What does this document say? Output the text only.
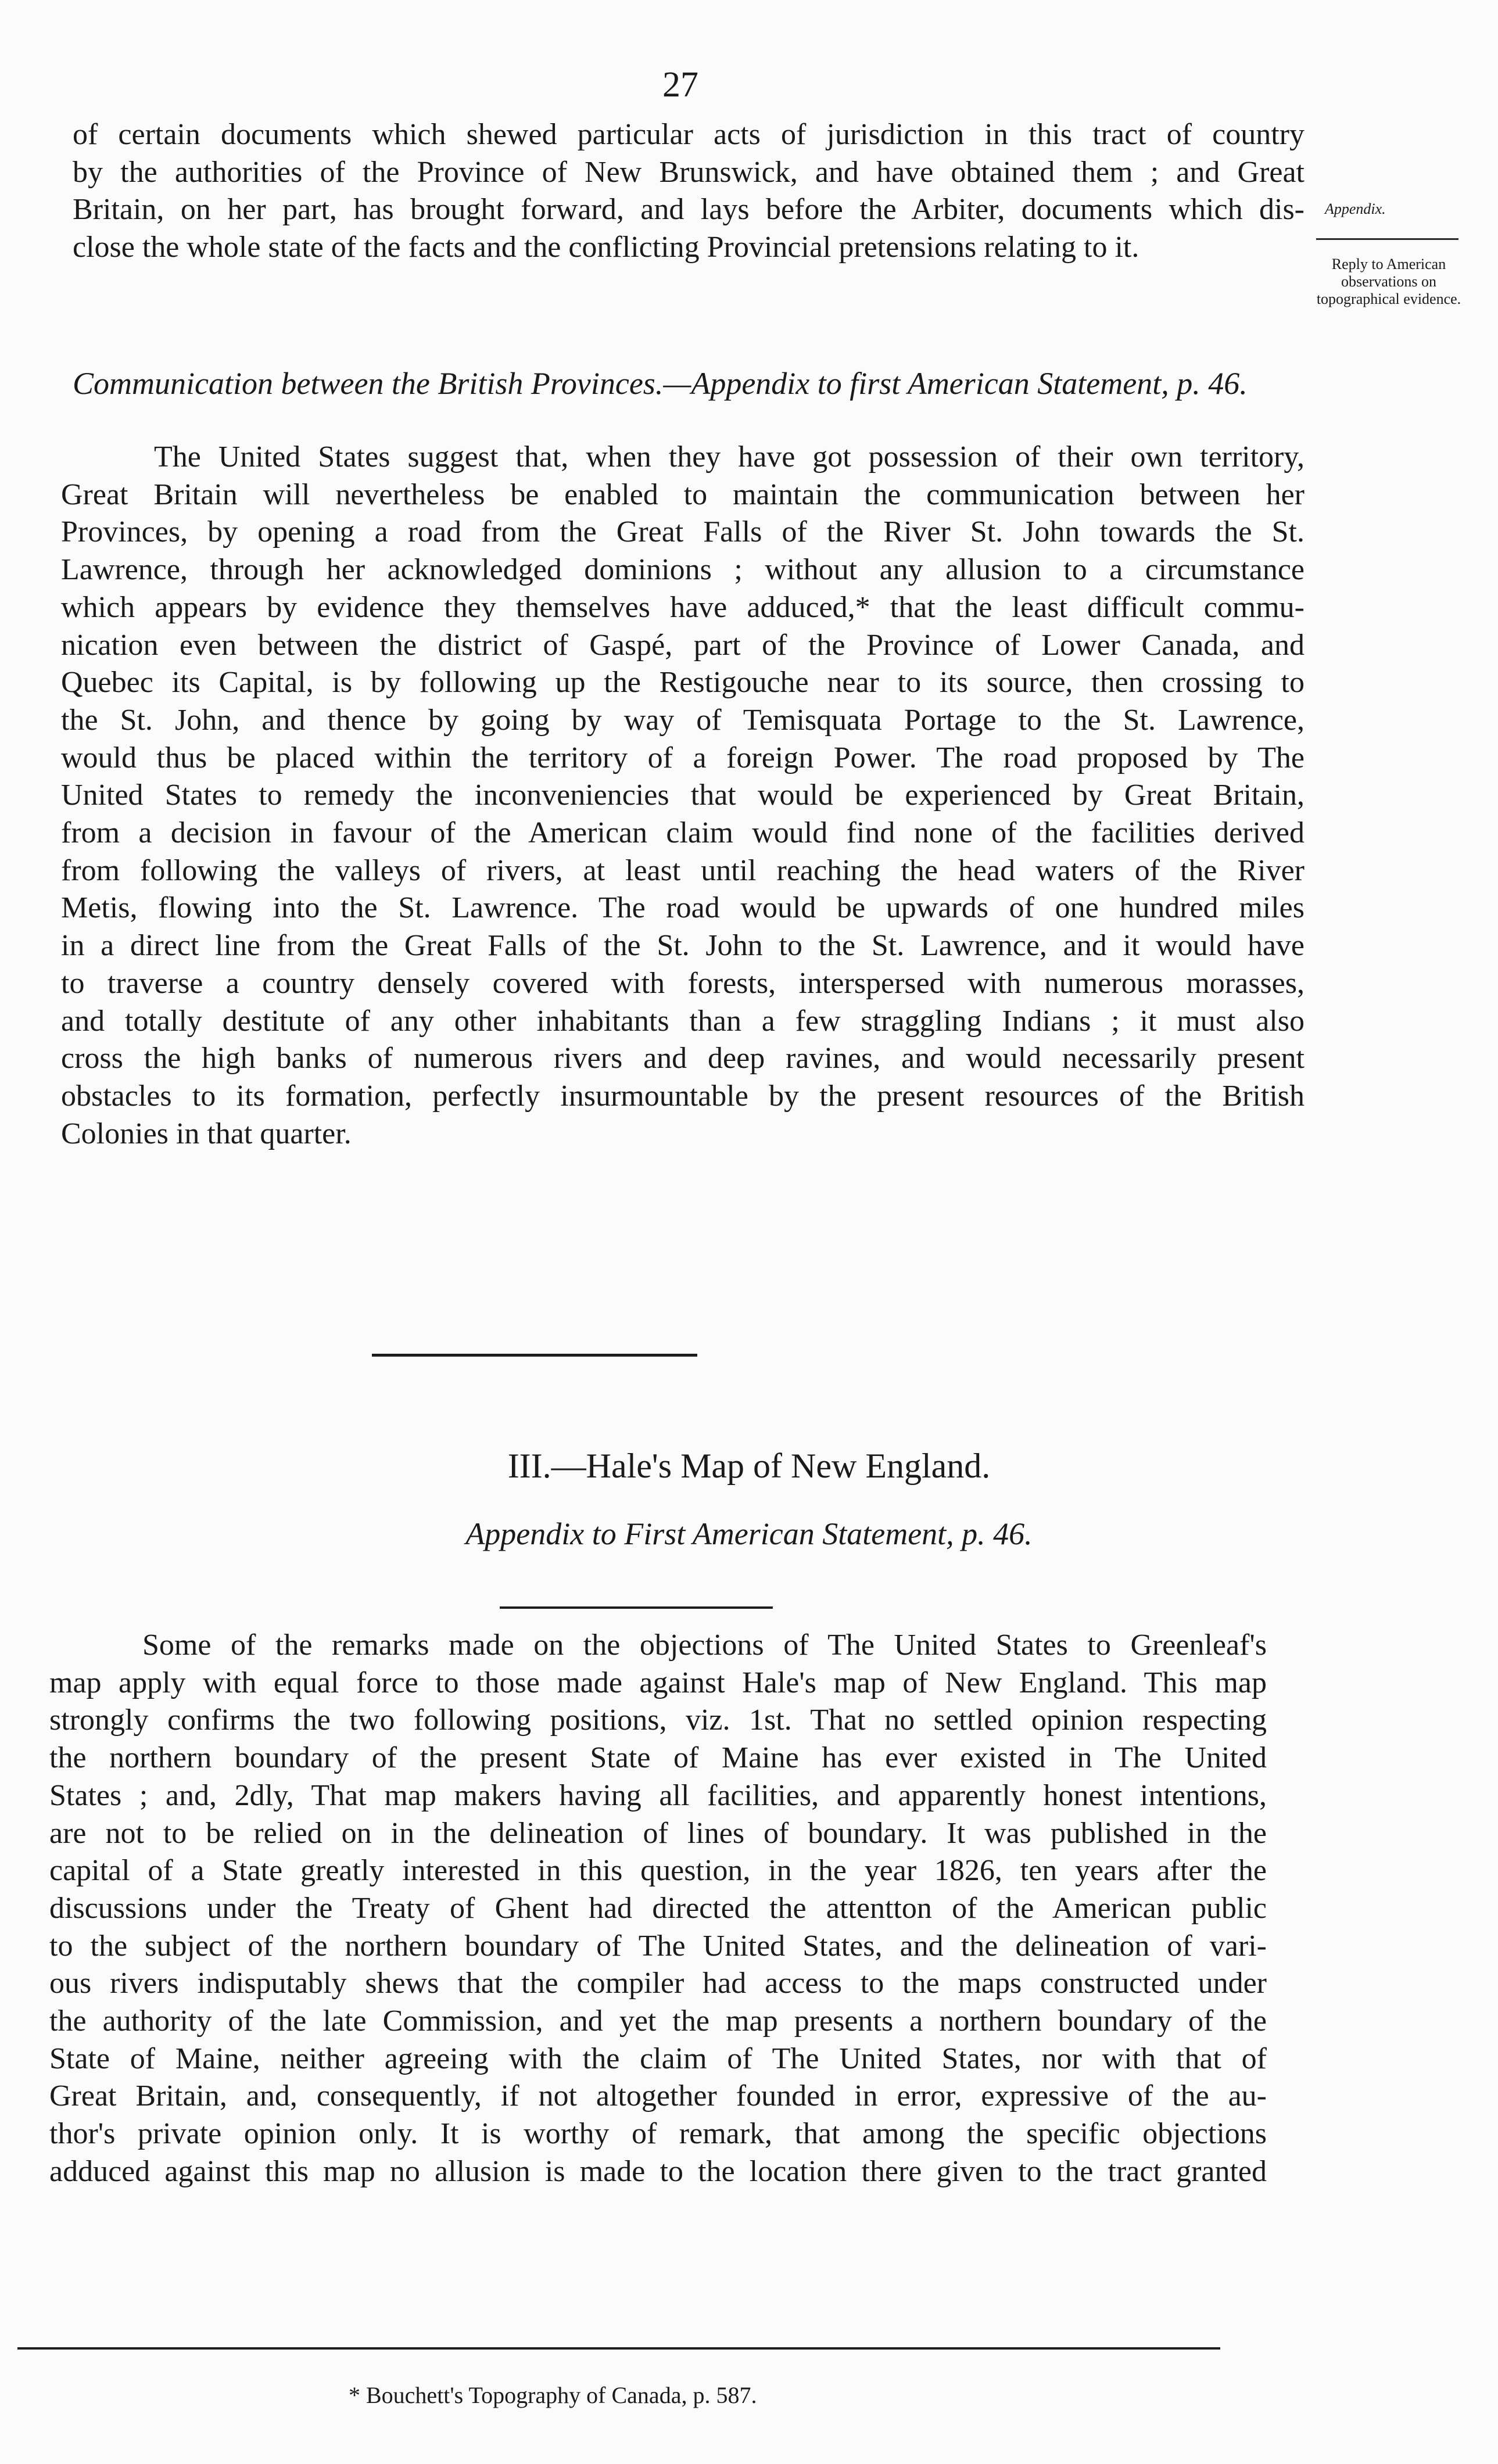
27

of certain documents which shewed particular acts of jurisdiction in this tract of country

by the authorities of the Province of New Brunswick, and have obtained them ; and Great

Britain, on her part, has brought forward, and lays before the Arbiter, documents which dis-

close the whole state of the facts and the conflicting Provincial pretensions relating to it.

Appendix.
Reply to American observations on topographical evidence.
Communication between the British Provinces.—Appendix to first American Statement, p. 46.

The United States suggest that, when they have got possession of their own territory,

Great Britain will nevertheless be enabled to maintain the communication between her

Provinces, by opening a road from the Great Falls of the River St. John towards the St.

Lawrence, through her acknowledged dominions ; without any allusion to a circumstance

which appears by evidence they themselves have adduced,* that the least difficult commu-

nication even between the district of Gaspé, part of the Province of Lower Canada, and

Quebec its Capital, is by following up the Restigouche near to its source, then crossing to

the St. John, and thence by going by way of Temisquata Portage to the St. Lawrence,

would thus be placed within the territory of a foreign Power. The road proposed by The

United States to remedy the inconveniencies that would be experienced by Great Britain,

from a decision in favour of the American claim would find none of the facilities derived

from following the valleys of rivers, at least until reaching the head waters of the River

Metis, flowing into the St. Lawrence. The road would be upwards of one hundred miles

in a direct line from the Great Falls of the St. John to the St. Lawrence, and it would have

to traverse a country densely covered with forests, interspersed with numerous morasses,

and totally destitute of any other inhabitants than a few straggling Indians ; it must also

cross the high banks of numerous rivers and deep ravines, and would necessarily present

obstacles to its formation, perfectly insurmountable by the present resources of the British

Colonies in that quarter.

III.—Hale's Map of New England.
Appendix to First American Statement, p. 46.

Some of the remarks made on the objections of The United States to Greenleaf's

map apply with equal force to those made against Hale's map of New England. This map

strongly confirms the two following positions, viz. 1st. That no settled opinion respecting

the northern boundary of the present State of Maine has ever existed in The United

States ; and, 2dly, That map makers having all facilities, and apparently honest intentions,

are not to be relied on in the delineation of lines of boundary. It was published in the

capital of a State greatly interested in this question, in the year 1826, ten years after the

discussions under the Treaty of Ghent had directed the attentton of the American public

to the subject of the northern boundary of The United States, and the delineation of vari-

ous rivers indisputably shews that the compiler had access to the maps constructed under

the authority of the late Commission, and yet the map presents a northern boundary of the

State of Maine, neither agreeing with the claim of The United States, nor with that of

Great Britain, and, consequently, if not altogether founded in error, expressive of the au-

thor's private opinion only. It is worthy of remark, that among the specific objections

adduced against this map no allusion is made to the location there given to the tract granted

* Bouchett's Topography of Canada, p. 587.
